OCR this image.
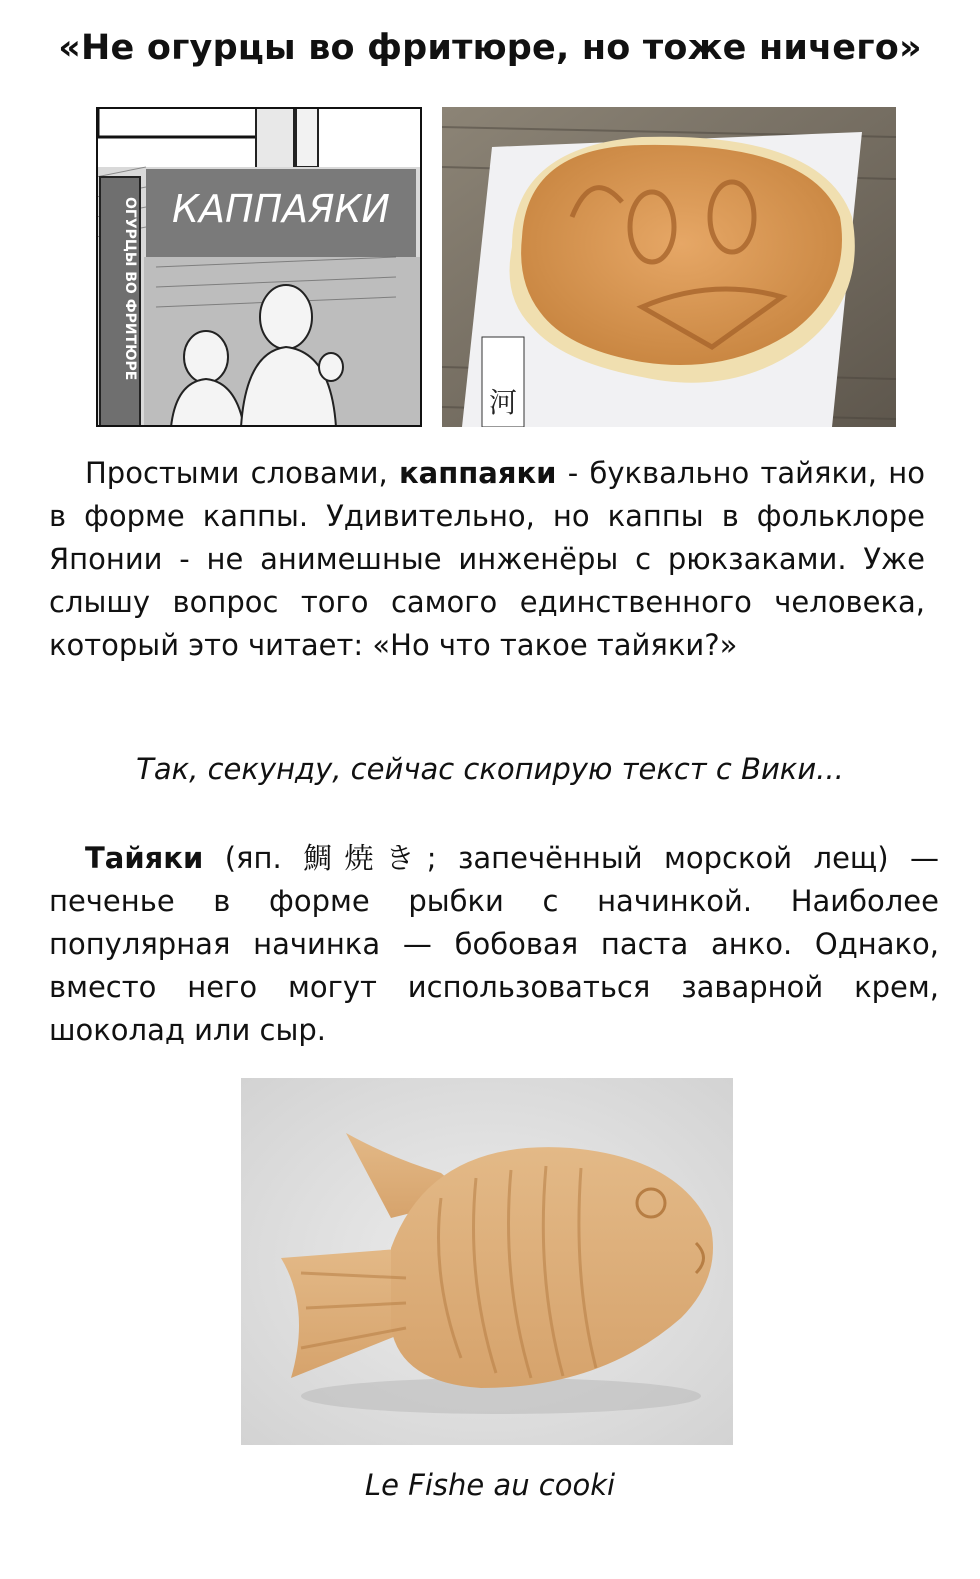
«Не огурцы во фритюре, но тоже ничего»
КАППАЯКИ
ОГУРЦЫ ВО ФРИТЮРЕ
河
Простыми словами, каппаяки - буквально тайяки, но в форме каппы. Удивительно, но каппы в фольклоре Японии - не анимешные инженёры с рюкзаками. Уже слышу вопрос того самого единственного человека, который это читает: «Но что такое тайяки?»
Так, секунду, сейчас скопирую текст с Вики...
Тайяки (яп. 鯛焼き; запечённый морской лещ) — печенье в форме рыбки с начинкой. Наиболее популярная начинка — бобовая паста анко. Однако, вместо него могут использоваться заварной крем, шоколад или сыр.
Le Fishe au cooki
